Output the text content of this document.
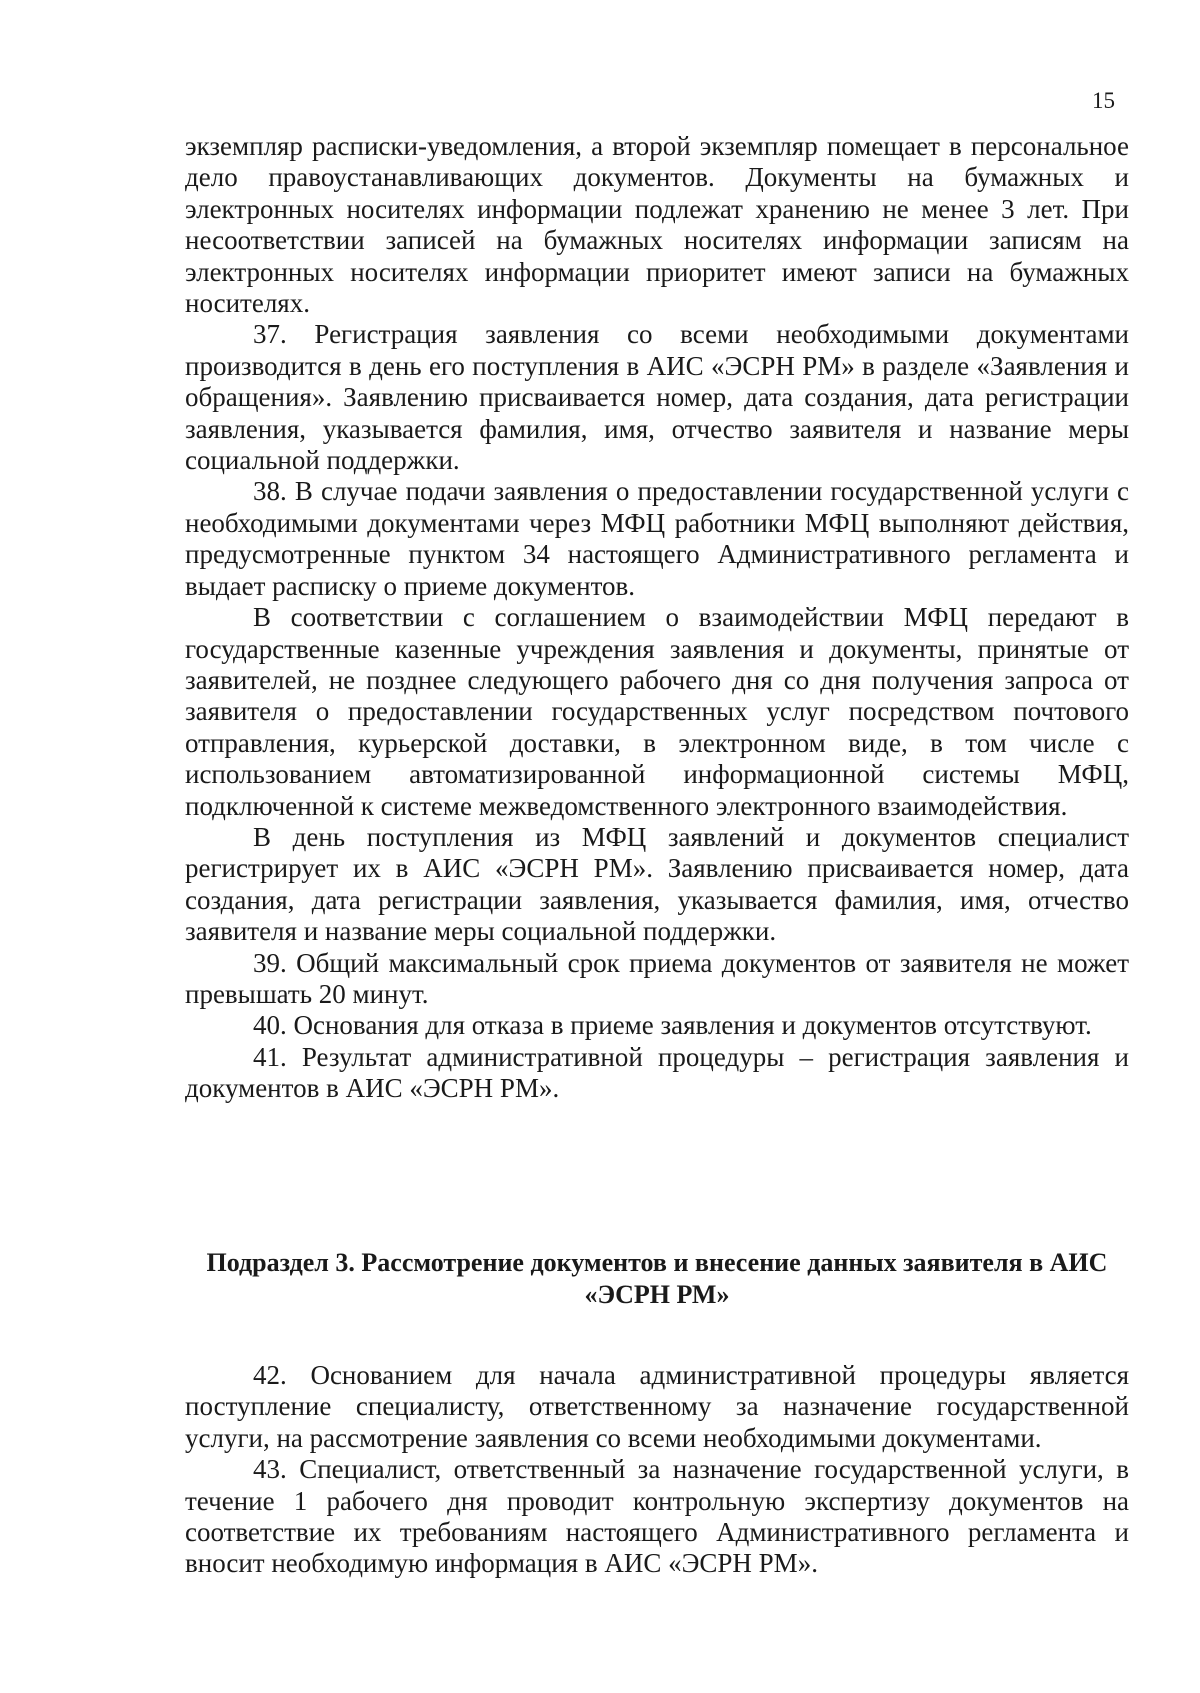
15

экземпляр расписки-уведомления, а второй экземпляр помещает в персональное дело правоустанавливающих документов. Документы на бумажных и электронных носителях информации подлежат хранению не менее 3 лет. При несоответствии записей на бумажных носителях информации записям на электронных носителях информации приоритет имеют записи на бумажных носителях.

37. Регистрация заявления со всеми необходимыми документами производится в день его поступления в АИС «ЭСРН РМ» в разделе «Заявления и обращения». Заявлению присваивается номер, дата создания, дата регистрации заявления, указывается фамилия, имя, отчество заявителя и название меры социальной поддержки.

38. В случае подачи заявления о предоставлении государственной услуги с необходимыми документами через МФЦ работники МФЦ выполняют действия, предусмотренные пунктом 34 настоящего Административного регламента и выдает расписку о приеме документов.

В соответствии с соглашением о взаимодействии МФЦ передают в государственные казенные учреждения заявления и документы, принятые от заявителей, не позднее следующего рабочего дня со дня получения запроса от заявителя о предоставлении государственных услуг посредством почтового отправления, курьерской доставки, в электронном виде, в том числе с использованием автоматизированной информационной системы МФЦ, подключенной к системе межведомственного электронного взаимодействия.

В день поступления из МФЦ заявлений и документов специалист регистрирует их в АИС «ЭСРН РМ». Заявлению присваивается номер, дата создания, дата регистрации заявления, указывается фамилия, имя, отчество заявителя и название меры социальной поддержки.

39. Общий максимальный срок приема документов от заявителя не может превышать 20 минут.

40. Основания для отказа в приеме заявления и документов отсутствуют.

41. Результат административной процедуры – регистрация заявления и документов в АИС «ЭСРН РМ».

Подраздел 3. Рассмотрение документов и внесение данных заявителя в АИС «ЭСРН РМ»

42. Основанием для начала административной процедуры является поступление специалисту, ответственному за назначение государственной услуги, на рассмотрение заявления со всеми необходимыми документами.

43. Специалист, ответственный за назначение государственной услуги, в течение 1 рабочего дня проводит контрольную экспертизу документов на соответствие их требованиям настоящего Административного регламента и вносит необходимую информация в АИС «ЭСРН РМ».
